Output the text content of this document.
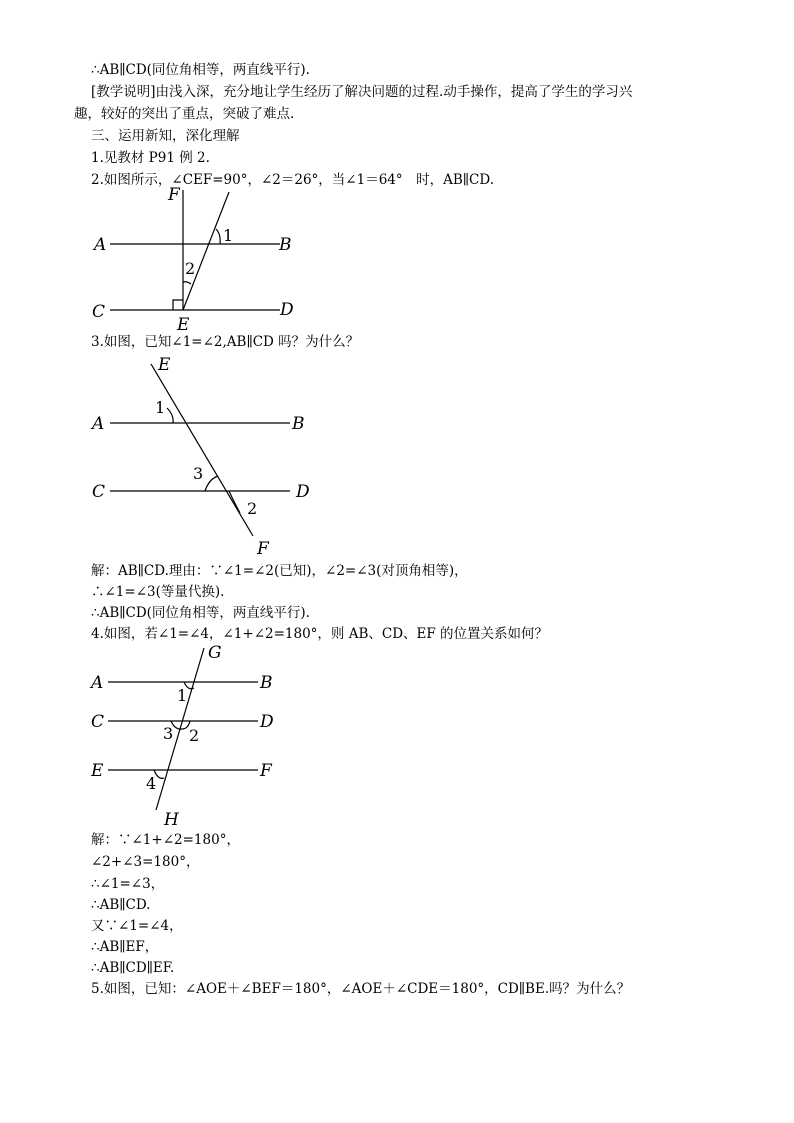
∴AB∥CD(同位角相等，两直线平行).
[教学说明]由浅入深，充分地让学生经历了解决问题的过程.动手操作，提高了学生的学习兴
趣，较好的突出了重点，突破了难点.
三、运用新知，深化理解
1.见教材 P91 例 2.
2.如图所示，∠CEF=90°，∠2＝26°，当∠1＝64°　时，AB∥CD.
F
A	B
C	D
E
1
2
3.如图，已知∠1=∠2,AB∥CD 吗？为什么？
E
A	B
C	D
F
1
3
2
解：AB∥CD.理由：∵∠1=∠2(已知)，∠2=∠3(对顶角相等)，
∴∠1=∠3(等量代换).
∴AB∥CD(同位角相等，两直线平行).
4.如图，若∠1=∠4，∠1+∠2=180°，则 AB、CD、EF 的位置关系如何？
G
A	B
C	D
E	F
H
1
3 2
4
解：∵∠1+∠2=180°，
∠2+∠3=180°，
∴∠1=∠3，
∴AB∥CD.
又∵∠1=∠4，
∴AB∥EF，
∴AB∥CD∥EF.
5.如图，已知：∠AOE＋∠BEF＝180°，∠AOE＋∠CDE＝180°，CD∥BE.吗？为什么？
